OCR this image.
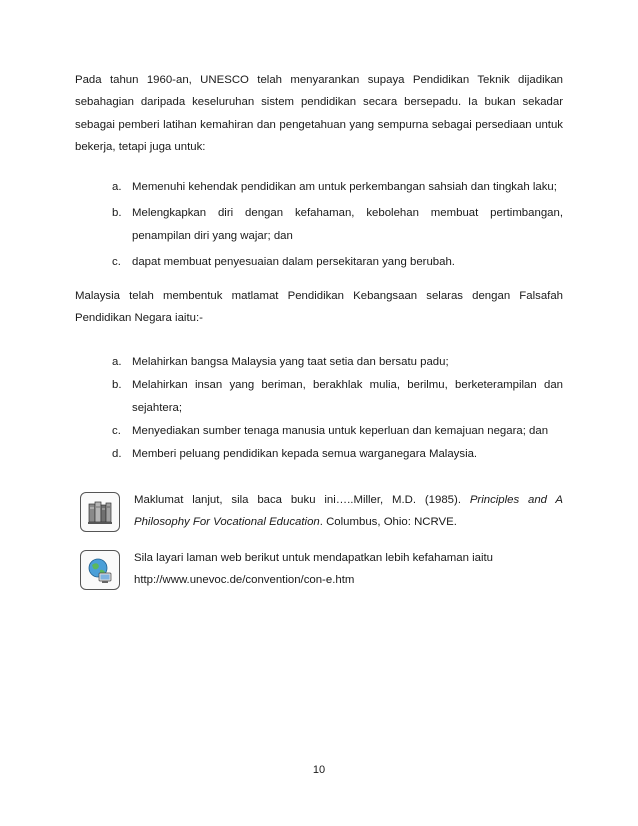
Pada tahun 1960-an, UNESCO telah menyarankan supaya Pendidikan Teknik dijadikan sebahagian daripada keseluruhan sistem pendidikan secara bersepadu. Ia bukan sekadar sebagai pemberi latihan kemahiran dan pengetahuan yang sempurna sebagai persediaan untuk bekerja, tetapi juga untuk:

a. Memenuhi kehendak pendidikan am untuk perkembangan sahsiah dan tingkah laku;
b. Melengkapkan diri dengan kefahaman, kebolehan membuat pertimbangan, penampilan diri yang wajar; dan
c. dapat membuat penyesuaian dalam persekitaran yang berubah.

Malaysia telah membentuk matlamat Pendidikan Kebangsaan selaras dengan Falsafah Pendidikan Negara iaitu:-

a. Melahirkan bangsa Malaysia yang taat setia dan bersatu padu;
b. Melahirkan insan yang beriman, berakhlak mulia, berilmu, berketerampilan dan sejahtera;
c. Menyediakan sumber tenaga manusia untuk keperluan dan kemajuan negara; dan
d. Memberi peluang pendidikan kepada semua warganegara Malaysia.
Maklumat lanjut, sila baca buku ini…..Miller, M.D. (1985). Principles and A Philosophy For Vocational Education. Columbus, Ohio: NCRVE.
Sila layari laman web berikut untuk mendapatkan lebih kefahaman iaitu
http://www.unevoc.de/convention/con-e.htm
10
